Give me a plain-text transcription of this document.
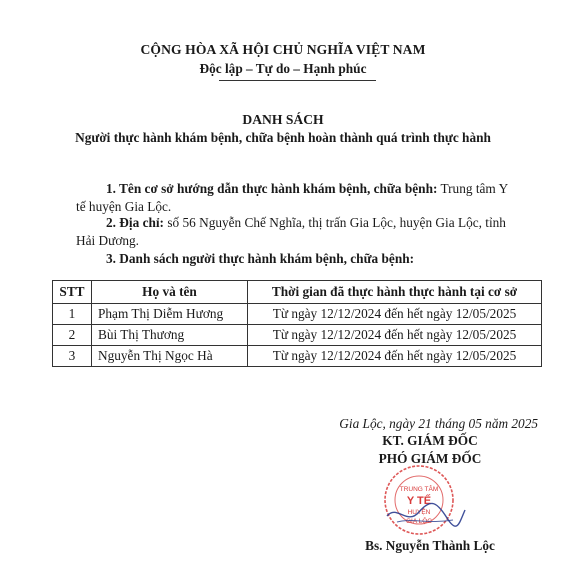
CỘNG HÒA XÃ HỘI CHỦ NGHĨA VIỆT NAM
Độc lập – Tự do – Hạnh phúc
DANH SÁCH
Người thực hành khám bệnh, chữa bệnh hoàn thành quá trình thực hành
1. Tên cơ sở hướng dẫn thực hành khám bệnh, chữa bệnh: Trung tâm Y
tế huyện Gia Lộc.
2. Địa chỉ: số 56 Nguyễn Chế Nghĩa, thị trấn Gia Lộc, huyện Gia Lộc, tỉnh
Hải Dương.
3. Danh sách người thực hành khám bệnh, chữa bệnh:
STT	Họ và tên	Thời gian đã thực hành thực hành tại cơ sở
1	Phạm Thị Diễm Hương	Từ ngày 12/12/2024 đến hết ngày 12/05/2025
2	Bùi Thị Thương	Từ ngày 12/12/2024 đến hết ngày 12/05/2025
3	Nguyễn Thị Ngọc Hà	Từ ngày 12/12/2024 đến hết ngày 12/05/2025
Gia Lộc, ngày 21 tháng 05 năm 2025
KT. GIÁM ĐỐC
PHÓ GIÁM ĐỐC
TRUNG TÂM
Y TẾ
HUYỆN
GIA LỘC
Bs. Nguyễn Thành Lộc
